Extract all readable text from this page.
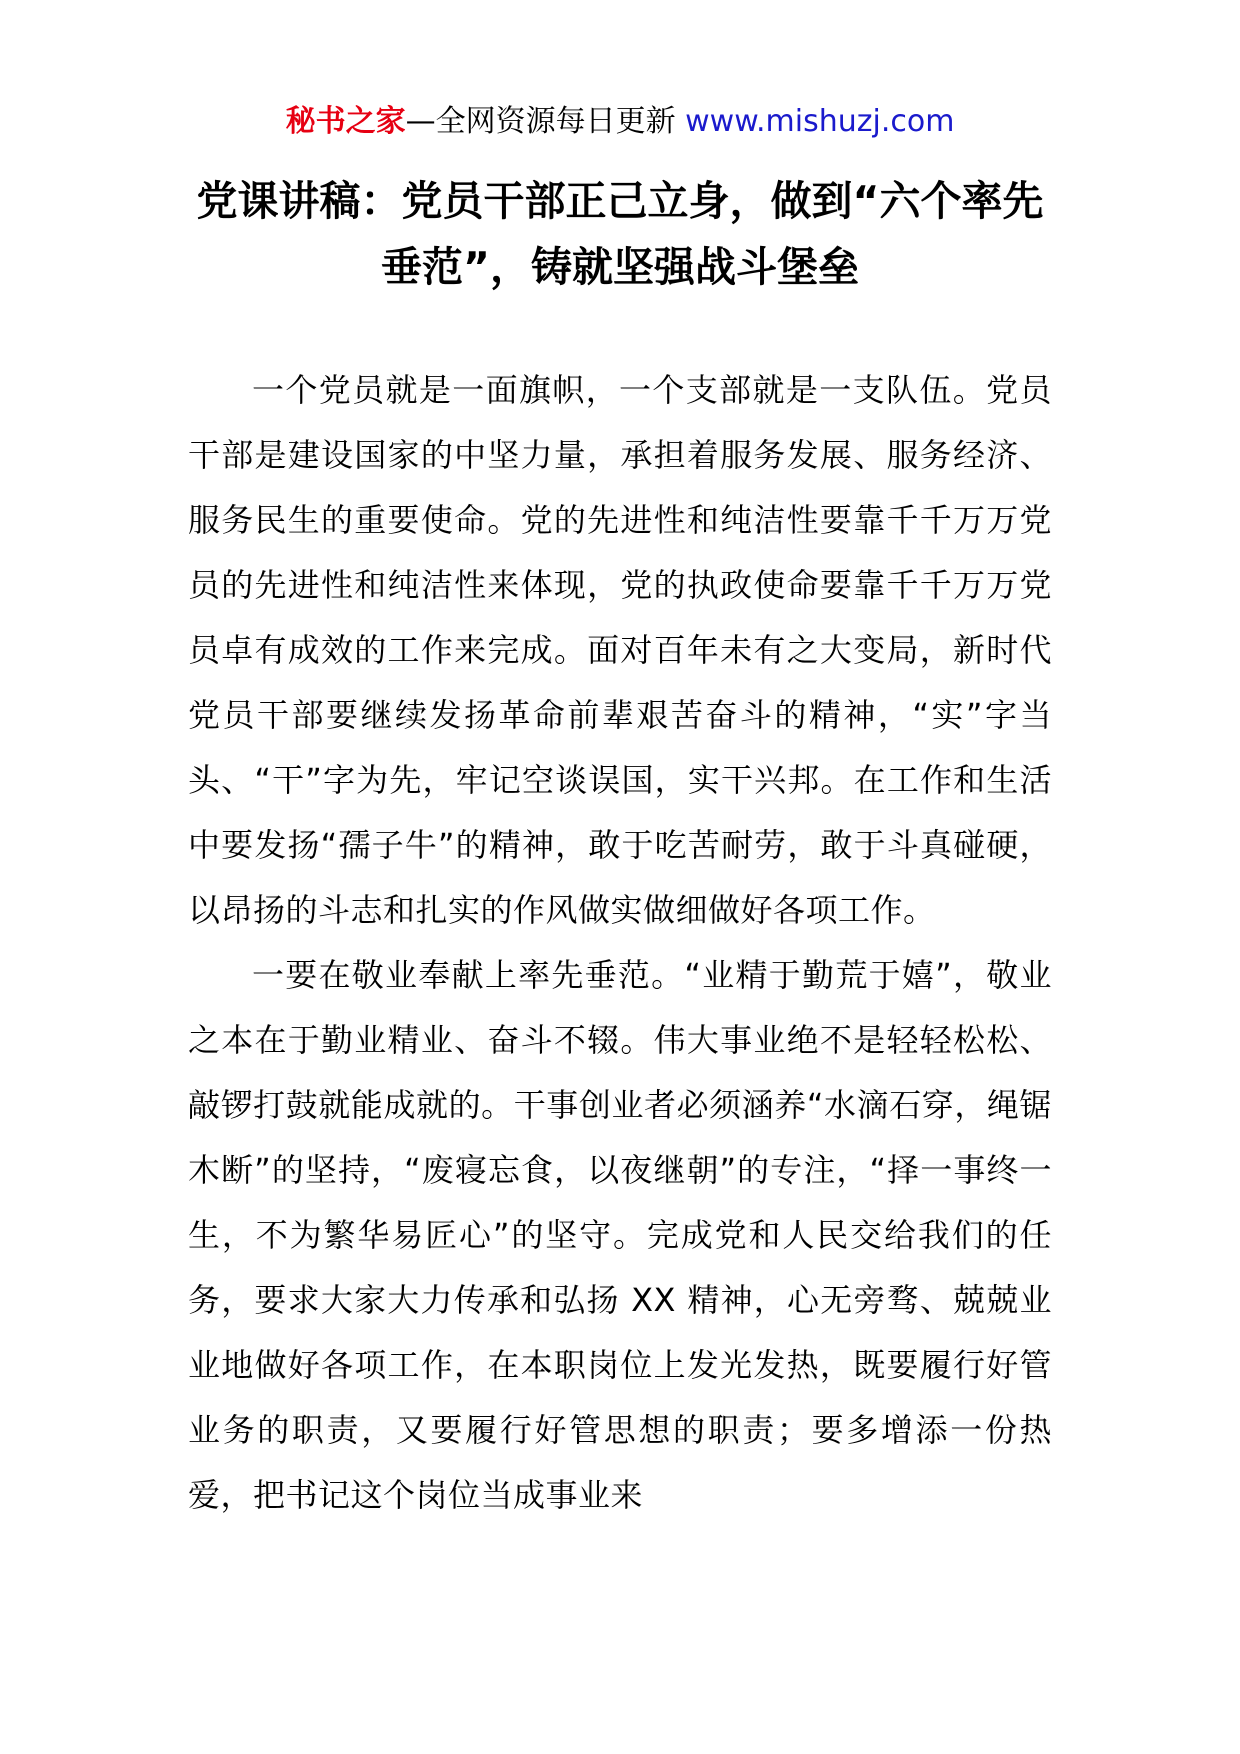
秘书之家—全网资源每日更新 www.mishuzj.com
党课讲稿：党员干部正己立身，做到“六个率先垂范”，铸就坚强战斗堡垒

一个党员就是一面旗帜，一个支部就是一支队伍。党员干部是建设国家的中坚力量，承担着服务发展、服务经济、服务民生的重要使命。党的先进性和纯洁性要靠千千万万党员的先进性和纯洁性来体现，党的执政使命要靠千千万万党员卓有成效的工作来完成。面对百年未有之大变局，新时代党员干部要继续发扬革命前辈艰苦奋斗的精神，“实”字当头、“干”字为先，牢记空谈误国，实干兴邦。在工作和生活中要发扬“孺子牛”的精神，敢于吃苦耐劳，敢于斗真碰硬，以昂扬的斗志和扎实的作风做实做细做好各项工作。

一要在敬业奉献上率先垂范。“业精于勤荒于嬉”，敬业之本在于勤业精业、奋斗不辍。伟大事业绝不是轻轻松松、敲锣打鼓就能成就的。干事创业者必须涵养“水滴石穿，绳锯木断”的坚持，“废寝忘食，以夜继朝”的专注，“择一事终一生，不为繁华易匠心”的坚守。完成党和人民交给我们的任务，要求大家大力传承和弘扬 XX 精神，心无旁骛、兢兢业业地做好各项工作，在本职岗位上发光发热，既要履行好管业务的职责，又要履行好管思想的职责；要多增添一份热爱，把书记这个岗位当成事业来
